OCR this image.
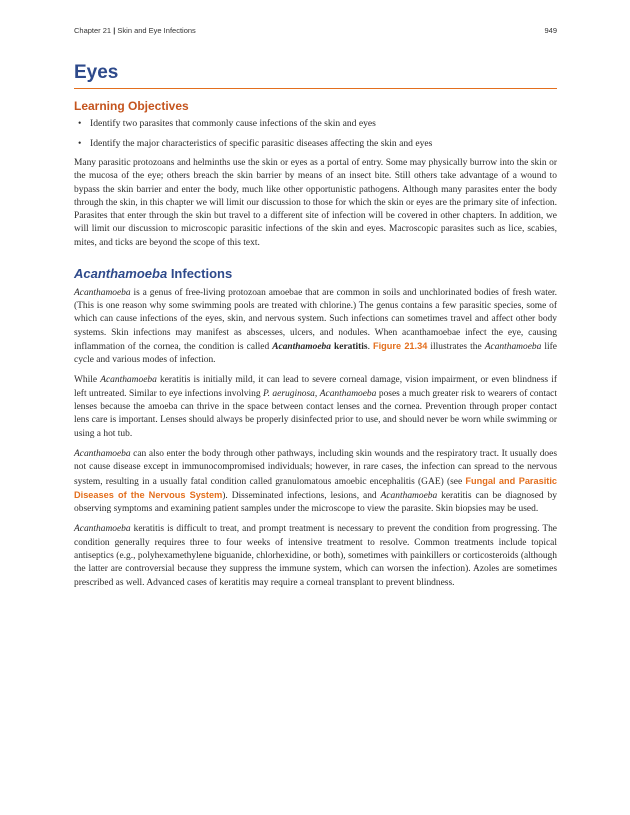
Chapter 21 | Skin and Eye Infections	949
Eyes
Learning Objectives
• Identify two parasites that commonly cause infections of the skin and eyes
• Identify the major characteristics of specific parasitic diseases affecting the skin and eyes

Many parasitic protozoans and helminths use the skin or eyes as a portal of entry. Some may physically burrow into the skin or the mucosa of the eye; others breach the skin barrier by means of an insect bite. Still others take advantage of a wound to bypass the skin barrier and enter the body, much like other opportunistic pathogens. Although many parasites enter the body through the skin, in this chapter we will limit our discussion to those for which the skin or eyes are the primary site of infection. Parasites that enter through the skin but travel to a different site of infection will be covered in other chapters. In addition, we will limit our discussion to microscopic parasitic infections of the skin and eyes. Macroscopic parasites such as lice, scabies, mites, and ticks are beyond the scope of this text.

Acanthamoeba Infections

Acanthamoeba is a genus of free-living protozoan amoebae that are common in soils and unchlorinated bodies of fresh water. (This is one reason why some swimming pools are treated with chlorine.) The genus contains a few parasitic species, some of which can cause infections of the eyes, skin, and nervous system. Such infections can sometimes travel and affect other body systems. Skin infections may manifest as abscesses, ulcers, and nodules. When acanthamoebae infect the eye, causing inflammation of the cornea, the condition is called Acanthamoeba keratitis. Figure 21.34 illustrates the Acanthamoeba life cycle and various modes of infection.

While Acanthamoeba keratitis is initially mild, it can lead to severe corneal damage, vision impairment, or even blindness if left untreated. Similar to eye infections involving P. aeruginosa, Acanthamoeba poses a much greater risk to wearers of contact lenses because the amoeba can thrive in the space between contact lenses and the cornea. Prevention through proper contact lens care is important. Lenses should always be properly disinfected prior to use, and should never be worn while swimming or using a hot tub.

Acanthamoeba can also enter the body through other pathways, including skin wounds and the respiratory tract. It usually does not cause disease except in immunocompromised individuals; however, in rare cases, the infection can spread to the nervous system, resulting in a usually fatal condition called granulomatous amoebic encephalitis (GAE) (see Fungal and Parasitic Diseases of the Nervous System). Disseminated infections, lesions, and Acanthamoeba keratitis can be diagnosed by observing symptoms and examining patient samples under the microscope to view the parasite. Skin biopsies may be used.

Acanthamoeba keratitis is difficult to treat, and prompt treatment is necessary to prevent the condition from progressing. The condition generally requires three to four weeks of intensive treatment to resolve. Common treatments include topical antiseptics (e.g., polyhexamethylene biguanide, chlorhexidine, or both), sometimes with painkillers or corticosteroids (although the latter are controversial because they suppress the immune system, which can worsen the infection). Azoles are sometimes prescribed as well. Advanced cases of keratitis may require a corneal transplant to prevent blindness.
